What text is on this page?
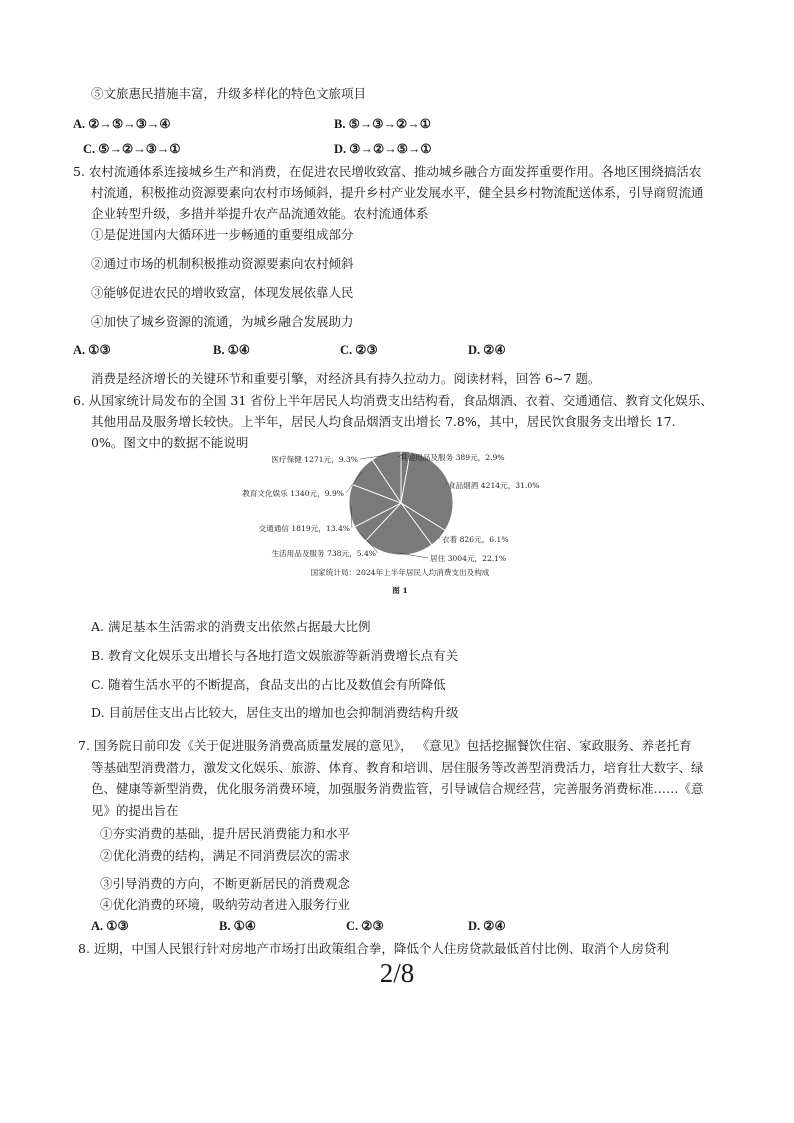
⑤文旅惠民措施丰富，升级多样化的特色文旅项目
A. ②→⑤→③→④	B. ⑤→③→②→①
C. ⑤→②→③→①	D. ③→②→⑤→①
5. 农村流通体系连接城乡生产和消费，在促进农民增收致富、推动城乡融合方面发挥重要作用。各地区围绕搞活农
村流通，积极推动资源要素向农村市场倾斜，提升乡村产业发展水平，健全县乡村物流配送体系，引导商贸流通
企业转型升级，多措并举提升农产品流通效能。农村流通体系
①是促进国内大循环进一步畅通的重要组成部分
②通过市场的机制积极推动资源要素向农村倾斜
③能够促进农民的增收致富，体现发展依靠人民
④加快了城乡资源的流通，为城乡融合发展助力
A. ①③	B. ①④	C. ②③	D. ②④
消费是经济增长的关键环节和重要引擎，对经济具有持久拉动力。阅读材料，回答 6~7 题。
6. 从国家统计局发布的全国 31 省份上半年居民人均消费支出结构看，食品烟酒、衣着、交通通信、教育文化娱乐、
其他用品及服务增长较快。上半年，居民人均食品烟酒支出增长 7.8%，其中，居民饮食服务支出增长 17.
0%。图文中的数据不能说明
其他用品及服务 389元，2.9%
食品烟酒 4214元，31.0%
衣着 826元，6.1%
居住 3004元，22.1%
生活用品及服务 738元，5.4%
交通通信 1819元，13.4%
教育文化娱乐 1340元，9.9%
医疗保健 1271元，9.3%
国家统计局：2024年上半年居民人均消费支出及构成
图 1
A. 满足基本生活需求的消费支出依然占据最大比例
B. 教育文化娱乐支出增长与各地打造文娱旅游等新消费增长点有关
C. 随着生活水平的不断提高，食品支出的占比及数值会有所降低
D. 目前居住支出占比较大，居住支出的增加也会抑制消费结构升级
7. 国务院日前印发《关于促进服务消费高质量发展的意见》， 《意见》包括挖掘餐饮住宿、家政服务、养老托育
等基础型消费潜力，激发文化娱乐、旅游、体育、教育和培训、居住服务等改善型消费活力，培育壮大数字、绿
色、健康等新型消费，优化服务消费环境，加强服务消费监管，引导诚信合规经营，完善服务消费标准……《意
见》的提出旨在
①夯实消费的基础，提升居民消费能力和水平
②优化消费的结构，满足不同消费层次的需求
③引导消费的方向，不断更新居民的消费观念
④优化消费的环境，吸纳劳动者进入服务行业
A. ①③	B. ①④	C. ②③	D. ②④
8. 近期，中国人民银行针对房地产市场打出政策组合拳，降低个人住房贷款最低首付比例、取消个人房贷利
2/8
